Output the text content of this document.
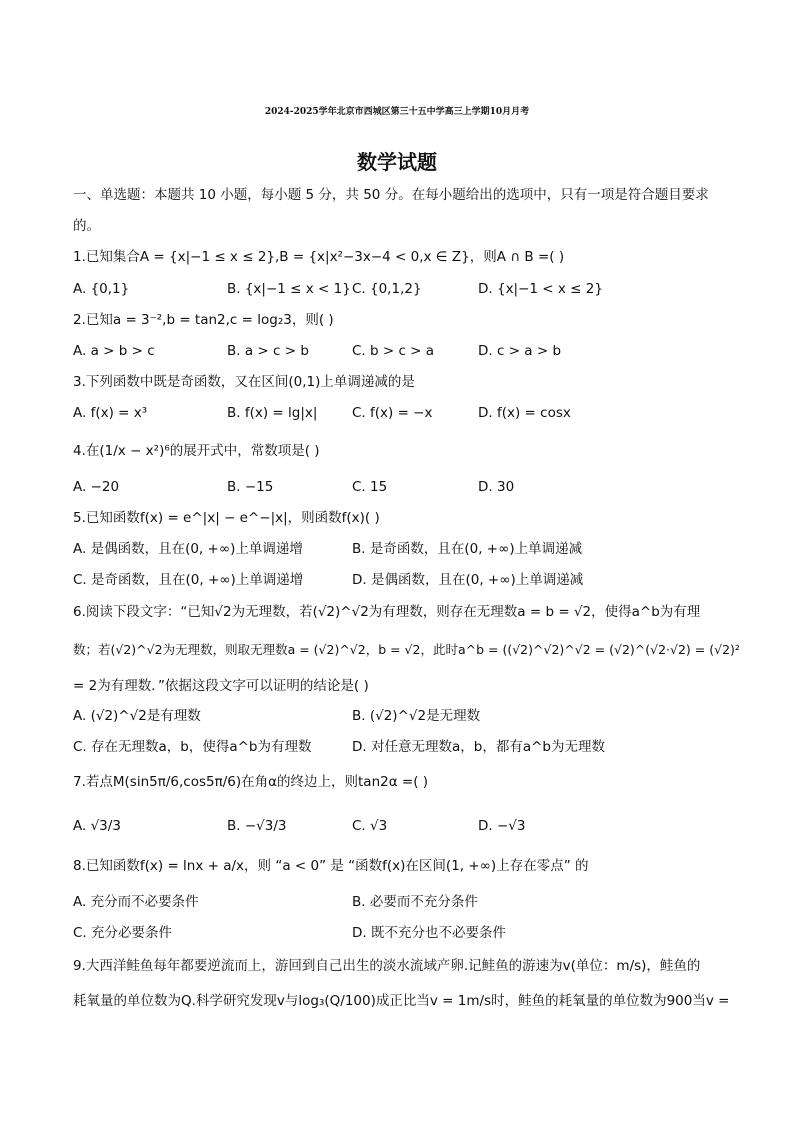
2024-2025学年北京市西城区第三十五中学高三上学期10月月考
数学试题
一、单选题：本题共 10 小题，每小题 5 分，共 50 分。在每小题给出的选项中，只有一项是符合题目要求
的。
1.已知集合A = {x|−1 ≤ x ≤ 2},B = {x|x²−3x−4 < 0,x ∈ Z}，则A ∩ B =( )
A. {0,1}	B. {x|−1 ≤ x < 1} C. {0,1,2}	D. {x|−1 < x ≤ 2}
2.已知a = 3⁻²,b = tan2,c = log₂3，则( )
A. a > b > c	B. a > c > b	C. b > c > a	D. c > a > b
3.下列函数中既是奇函数，又在区间(0,1)上单调递减的是
A. f(x) = x³	B. f(x) = lg|x|	C. f(x) = −x	D. f(x) = cosx
4.在(1/x − x²)⁶的展开式中，常数项是( )
A. −20	B. −15	C. 15	D. 30
5.已知函数f(x) = e^|x| − e^−|x|，则函数f(x)( )
A. 是偶函数，且在(0, +∞)上单调递增	B. 是奇函数，且在(0, +∞)上单调递减
C. 是奇函数，且在(0, +∞)上单调递增	D. 是偶函数，且在(0, +∞)上单调递减
6.阅读下段文字：“已知√2为无理数，若(√2)^√2为有理数，则存在无理数a = b = √2，使得a^b为有理
数；若(√2)^√2为无理数，则取无理数a = (√2)^√2，b = √2，此时a^b = ((√2)^√2)^√2 = (√2)^(√2·√2) = (√2)²
= 2为有理数．”依据这段文字可以证明的结论是( )
A. (√2)^√2是有理数	B. (√2)^√2是无理数
C. 存在无理数a，b，使得a^b为有理数	D. 对任意无理数a，b，都有a^b为无理数
7.若点M(sin5π/6,cos5π/6)在角α的终边上，则tan2α =( )
A. √3/3	B. −√3/3	C. √3	D. −√3
8.已知函数f(x) = lnx + a/x，则 “a < 0” 是 “函数f(x)在区间(1, +∞)上存在零点” 的
A. 充分而不必要条件	B. 必要而不充分条件
C. 充分必要条件	D. 既不充分也不必要条件
9.大西洋鲑鱼每年都要逆流而上，游回到自己出生的淡水流域产卵.记鲑鱼的游速为v(单位：m/s)，鲑鱼的
耗氧量的单位数为Q.科学研究发现v与log₃(Q/100)成正比当v = 1m/s时，鲑鱼的耗氧量的单位数为900当v =
